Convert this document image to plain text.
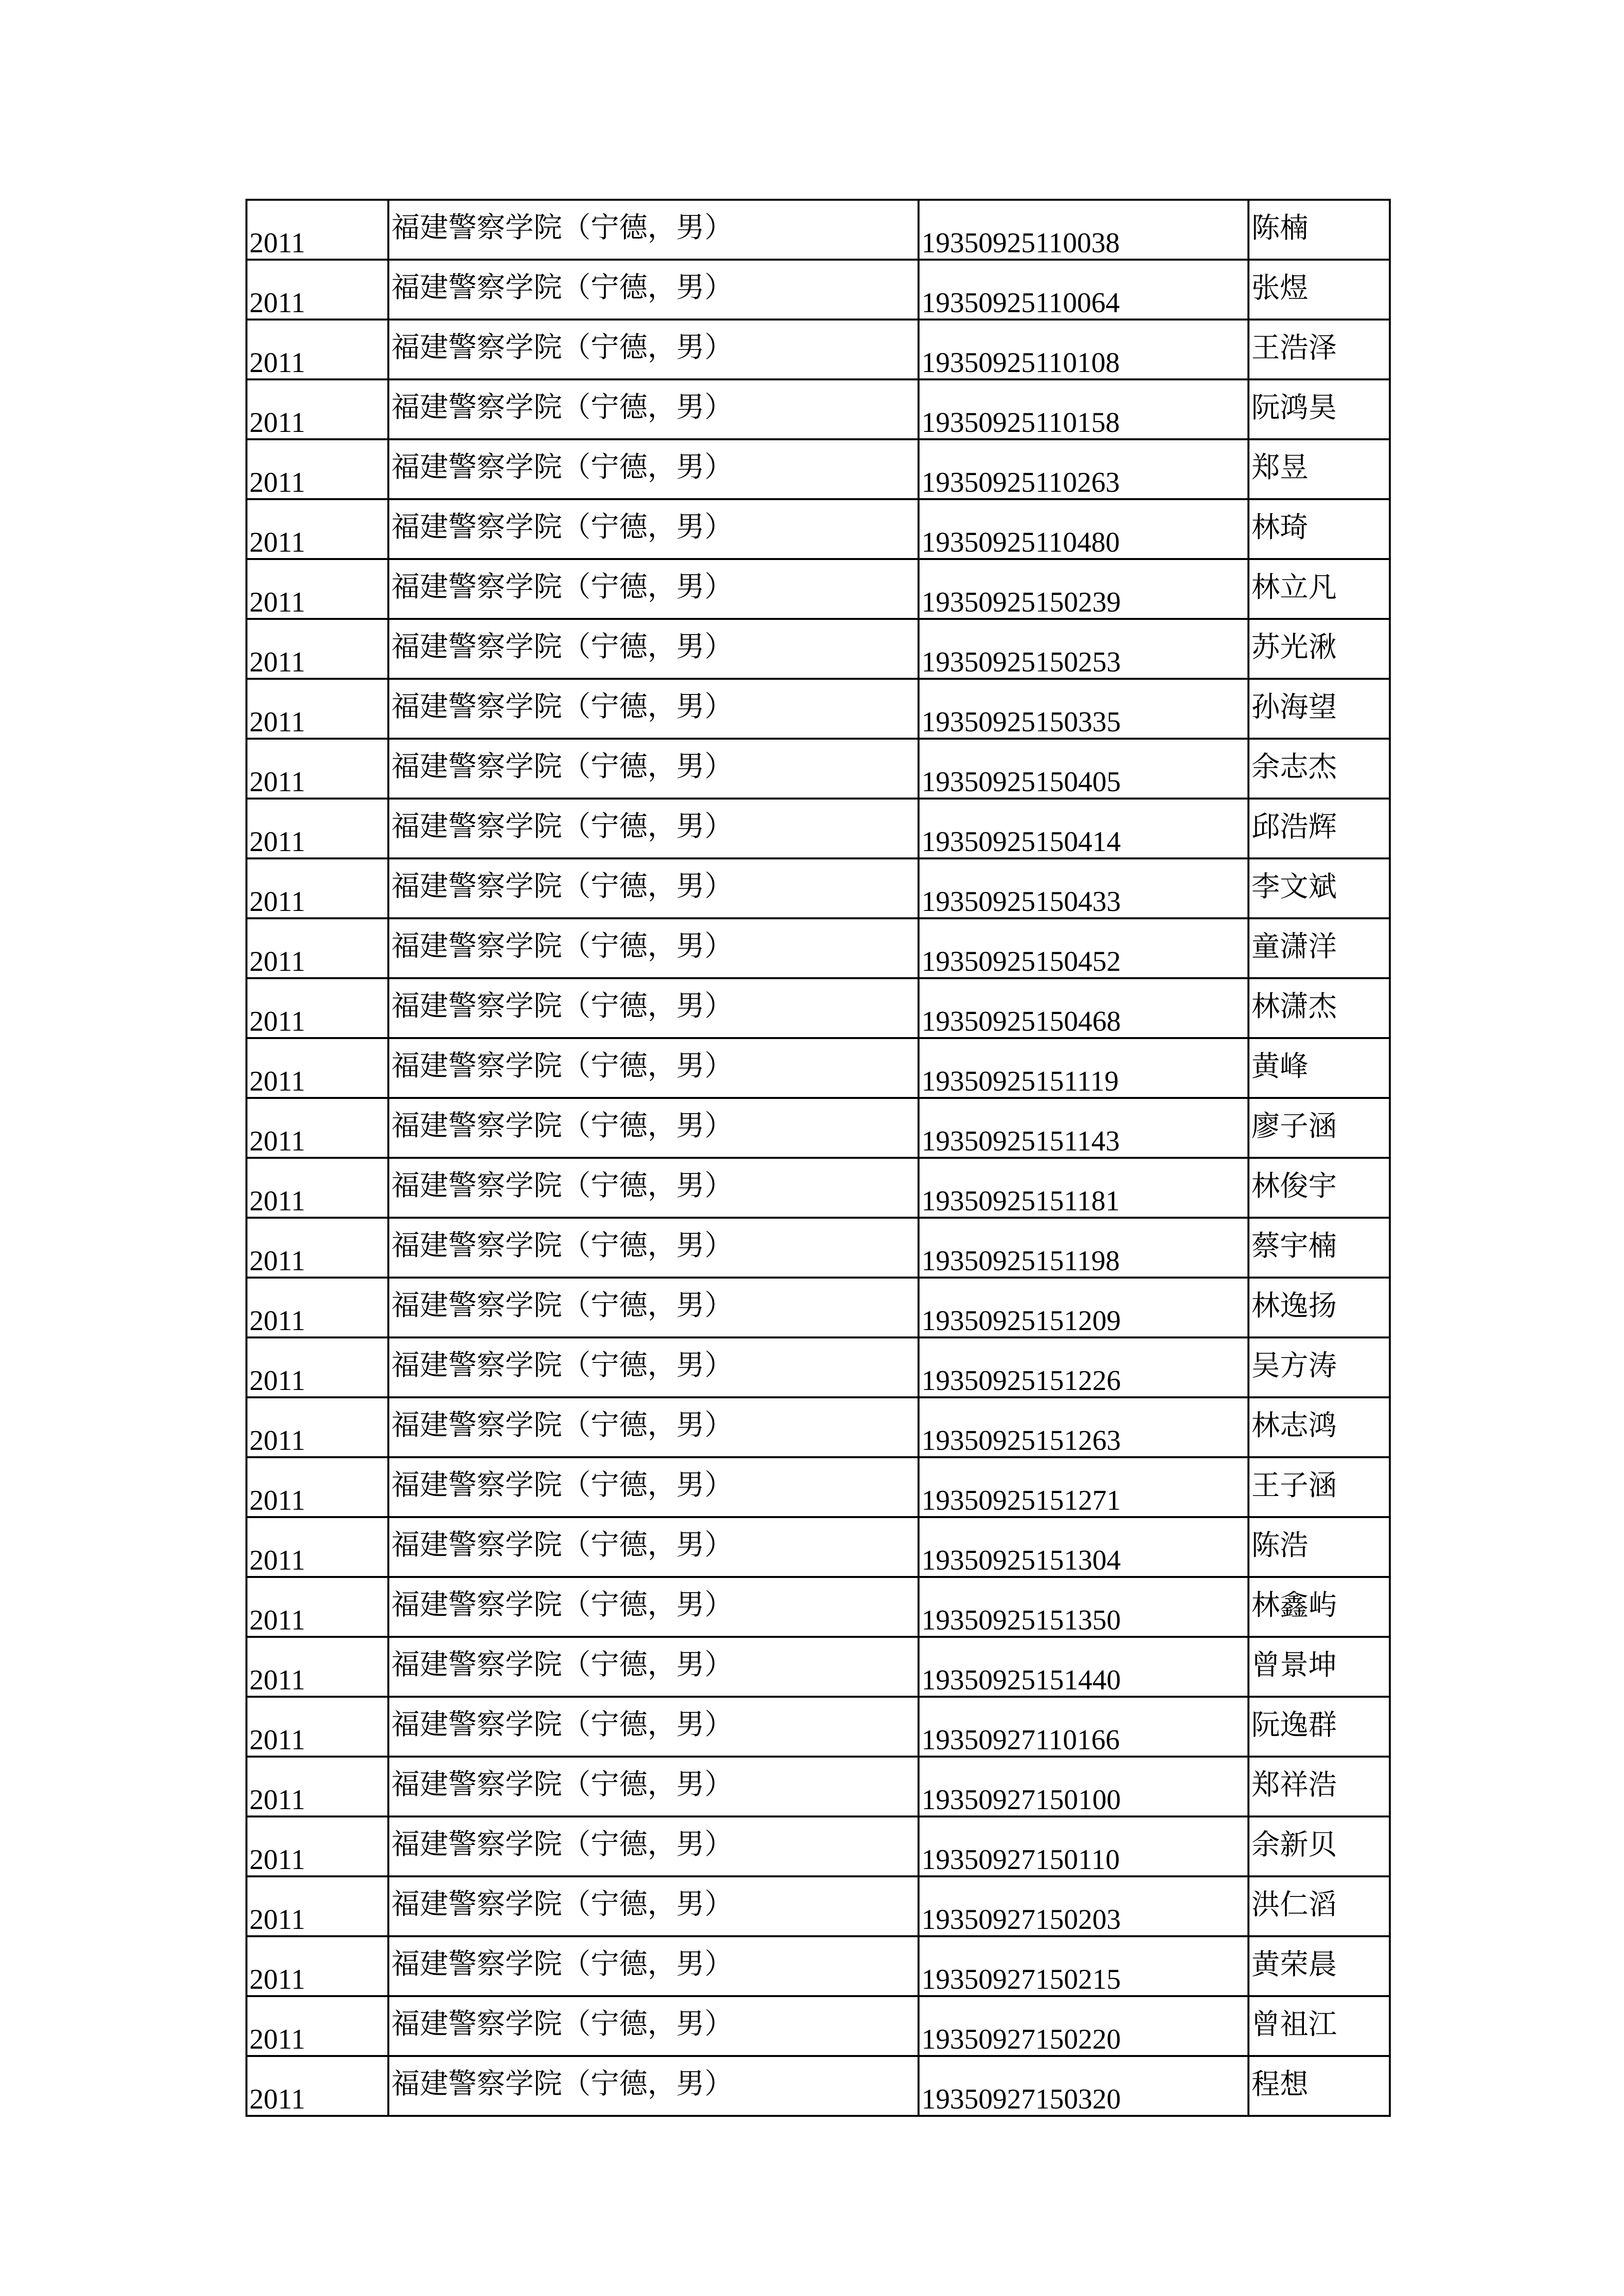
2011	福建警察学院（宁德，男）	19350925110038	陈楠
2011	福建警察学院（宁德，男）	19350925110064	张煜
2011	福建警察学院（宁德，男）	19350925110108	王浩泽
2011	福建警察学院（宁德，男）	19350925110158	阮鸿昊
2011	福建警察学院（宁德，男）	19350925110263	郑昱
2011	福建警察学院（宁德，男）	19350925110480	林琦
2011	福建警察学院（宁德，男）	19350925150239	林立凡
2011	福建警察学院（宁德，男）	19350925150253	苏光湫
2011	福建警察学院（宁德，男）	19350925150335	孙海望
2011	福建警察学院（宁德，男）	19350925150405	余志杰
2011	福建警察学院（宁德，男）	19350925150414	邱浩辉
2011	福建警察学院（宁德，男）	19350925150433	李文斌
2011	福建警察学院（宁德，男）	19350925150452	童潇洋
2011	福建警察学院（宁德，男）	19350925150468	林潇杰
2011	福建警察学院（宁德，男）	19350925151119	黄峰
2011	福建警察学院（宁德，男）	19350925151143	廖子涵
2011	福建警察学院（宁德，男）	19350925151181	林俊宇
2011	福建警察学院（宁德，男）	19350925151198	蔡宇楠
2011	福建警察学院（宁德，男）	19350925151209	林逸扬
2011	福建警察学院（宁德，男）	19350925151226	吴方涛
2011	福建警察学院（宁德，男）	19350925151263	林志鸿
2011	福建警察学院（宁德，男）	19350925151271	王子涵
2011	福建警察学院（宁德，男）	19350925151304	陈浩
2011	福建警察学院（宁德，男）	19350925151350	林鑫屿
2011	福建警察学院（宁德，男）	19350925151440	曾景坤
2011	福建警察学院（宁德，男）	19350927110166	阮逸群
2011	福建警察学院（宁德，男）	19350927150100	郑祥浩
2011	福建警察学院（宁德，男）	19350927150110	余新贝
2011	福建警察学院（宁德，男）	19350927150203	洪仁滔
2011	福建警察学院（宁德，男）	19350927150215	黄荣晨
2011	福建警察学院（宁德，男）	19350927150220	曾祖江
2011	福建警察学院（宁德，男）	19350927150320	程想
